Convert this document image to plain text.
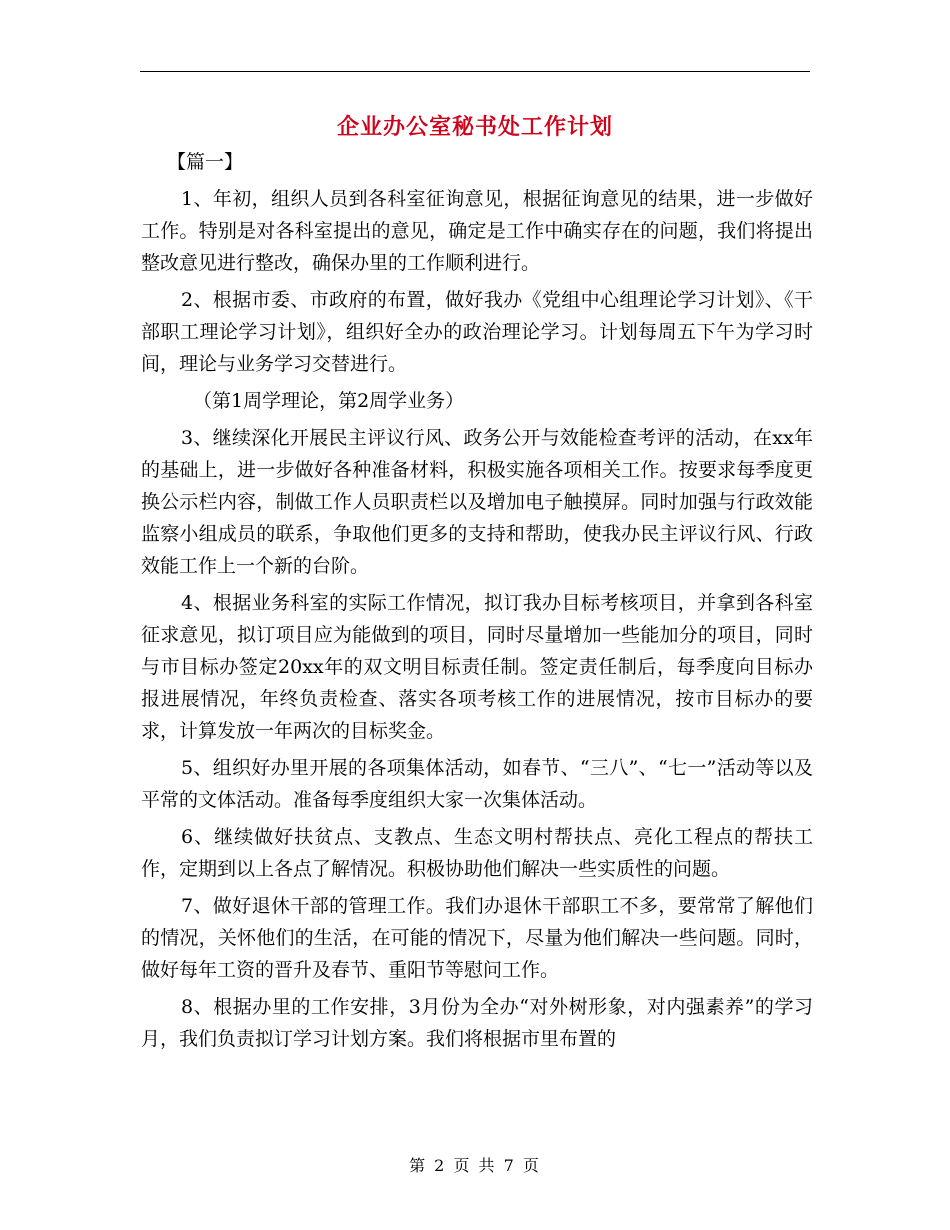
企业办公室秘书处工作计划

【篇一】

1、年初，组织人员到各科室征询意见，根据征询意见的结果，进一步做好工作。特别是对各科室提出的意见，确定是工作中确实存在的问题，我们将提出整改意见进行整改，确保办里的工作顺利进行。

2、根据市委、市政府的布置，做好我办《党组中心组理论学习计划》、《干部职工理论学习计划》，组织好全办的政治理论学习。计划每周五下午为学习时间，理论与业务学习交替进行。

（第1周学理论，第2周学业务）

3、继续深化开展民主评议行风、政务公开与效能检查考评的活动，在xx年的基础上，进一步做好各种准备材料，积极实施各项相关工作。按要求每季度更换公示栏内容，制做工作人员职责栏以及增加电子触摸屏。同时加强与行政效能监察小组成员的联系，争取他们更多的支持和帮助，使我办民主评议行风、行政效能工作上一个新的台阶。

4、根据业务科室的实际工作情况，拟订我办目标考核项目，并拿到各科室征求意见，拟订项目应为能做到的项目，同时尽量增加一些能加分的项目，同时与市目标办签定20xx年的双文明目标责任制。签定责任制后，每季度向目标办报进展情况，年终负责检查、落实各项考核工作的进展情况，按市目标办的要求，计算发放一年两次的目标奖金。

5、组织好办里开展的各项集体活动，如春节、“三八”、“七一”活动等以及平常的文体活动。准备每季度组织大家一次集体活动。

6、继续做好扶贫点、支教点、生态文明村帮扶点、亮化工程点的帮扶工作，定期到以上各点了解情况。积极协助他们解决一些实质性的问题。

7、做好退休干部的管理工作。我们办退休干部职工不多，要常常了解他们的情况，关怀他们的生活，在可能的情况下，尽量为他们解决一些问题。同时，做好每年工资的晋升及春节、重阳节等慰问工作。

8、根据办里的工作安排，3月份为全办“对外树形象，对内强素养”的学习月，我们负责拟订学习计划方案。我们将根据市里布置的

第 2 页 共 7 页
